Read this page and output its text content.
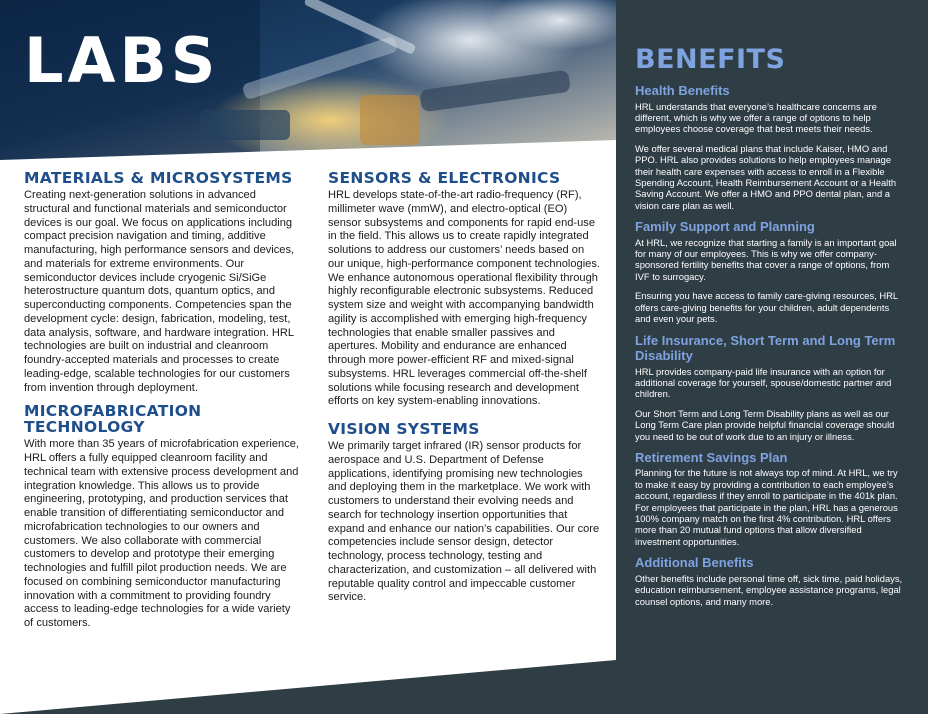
LABS
MATERIALS & MICROSYSTEMS

Creating next-generation solutions in advanced structural and functional materials and semiconductor devices is our goal. We focus on applications including compact precision navigation and timing, additive manufacturing, high performance sensors and devices, and materials for extreme environments. Our semiconductor devices include cryogenic Si/SiGe heterostructure quantum dots, quantum optics, and superconducting components. Competencies span the development cycle: design, fabrication, modeling, test, data analysis, software, and hardware integration. HRL technologies are built on industrial and cleanroom foundry-accepted materials and processes to create leading-edge, scalable technologies for our customers from invention through deployment.

MICROFABRICATION TECHNOLOGY

With more than 35 years of microfabrication experience, HRL offers a fully equipped cleanroom facility and technical team with extensive process development and integration knowledge. This allows us to provide engineering, prototyping, and production services that enable transition of differentiating semiconductor and microfabrication technologies to our owners and customers. We also collaborate with commercial customers to develop and prototype their emerging technologies and fulfill pilot production needs. We are focused on combining semiconductor manufacturing innovation with a commitment to providing foundry access to leading-edge technologies for a wide variety of customers.

SENSORS & ELECTRONICS

HRL develops state-of-the-art radio-frequency (RF), millimeter wave (mmW), and electro-optical (EO) sensor subsystems and components for rapid end-use in the field. This allows us to create rapidly integrated solutions to address our customers’ needs based on our unique, high-performance component technologies. We enhance autonomous operational flexibility through highly reconfigurable electronic subsystems. Reduced system size and weight with accompanying bandwidth agility is accomplished with emerging high-frequency technologies that enable smaller passives and apertures. Mobility and endurance are enhanced through more power-efficient RF and mixed-signal subsystems. HRL leverages commercial off-the-shelf solutions while focusing research and development efforts on key system-enabling innovations.

VISION SYSTEMS

We primarily target infrared (IR) sensor products for aerospace and U.S. Department of Defense applications, identifying promising new technologies and deploying them in the marketplace. We work with customers to understand their evolving needs and search for technology insertion opportunities that expand and enhance our nation’s capabilities. Our core competencies include sensor design, detector technology, process technology, testing and characterization, and customization – all delivered with reputable quality control and impeccable customer service.

BENEFITS
Health Benefits

HRL understands that everyone’s healthcare concerns are different, which is why we offer a range of options to help employees choose coverage that best meets their needs.

We offer several medical plans that include Kaiser, HMO and PPO. HRL also provides solutions to help employees manage their health care expenses with access to enroll in a Flexible Spending Account, Health Reimbursement Account or a Health Saving Account. We offer a HMO and PPO dental plan, and a vision care plan as well.

Family Support and Planning

At HRL, we recognize that starting a family is an important goal for many of our employees. This is why we offer company-sponsored fertility benefits that cover a range of options, from IVF to surrogacy.

Ensuring you have access to family care-giving resources, HRL offers care-giving benefits for your children, adult dependents and even your pets.

Life Insurance, Short Term and Long Term Disability

HRL provides company-paid life insurance with an option for additional coverage for yourself, spouse/domestic partner and children.

Our Short Term and Long Term Disability plans as well as our Long Term Care plan provide helpful financial coverage should you need to be out of work due to an injury or illness.

Retirement Savings Plan

Planning for the future is not always top of mind. At HRL, we try to make it easy by providing a contribution to each employee’s account, regardless if they enroll to participate in the 401k plan. For employees that participate in the plan, HRL has a generous 100% company match on the first 4% contribution. HRL offers more than 20 mutual fund options that allow diversified investment opportunities.

Additional Benefits

Other benefits include personal time off, sick time, paid holidays, education reimbursement, employee assistance programs, legal counsel options, and many more.
